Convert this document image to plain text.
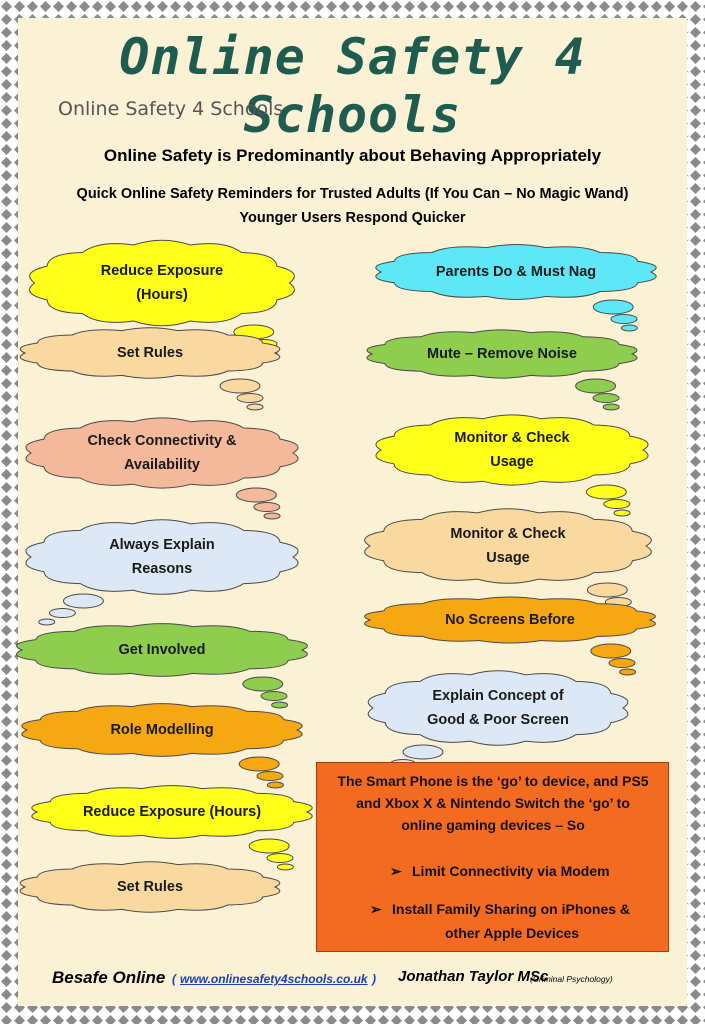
Online Safety 4 Schools
Online Safety 4 Schools
Online Safety is Predominantly about Behaving Appropriately
Quick Online Safety Reminders for Trusted Adults (If You Can – No Magic Wand)
Younger Users Respond Quicker
Reduce Exposure
(Hours)
Set Rules
Check Connectivity &
Availability
Always Explain
Reasons
Get Involved
Role Modelling
Reduce Exposure (Hours)
Set Rules
Parents Do & Must Nag
Mute – Remove Noise
Monitor & Check
Usage
Monitor & Check
Usage
No Screens Before
Explain Concept of
Good & Poor Screen
The Smart Phone is the ‘go’ to device, and PS5
and Xbox X & Nintendo Switch the ‘go’ to
online gaming devices – So
➢ Limit Connectivity via Modem
➢ Install Family Sharing on iPhones &
other Apple Devices
Besafe Online ( www.onlinesafety4schools.co.uk ) Jonathan Taylor MSc
(Criminal Psychology)
